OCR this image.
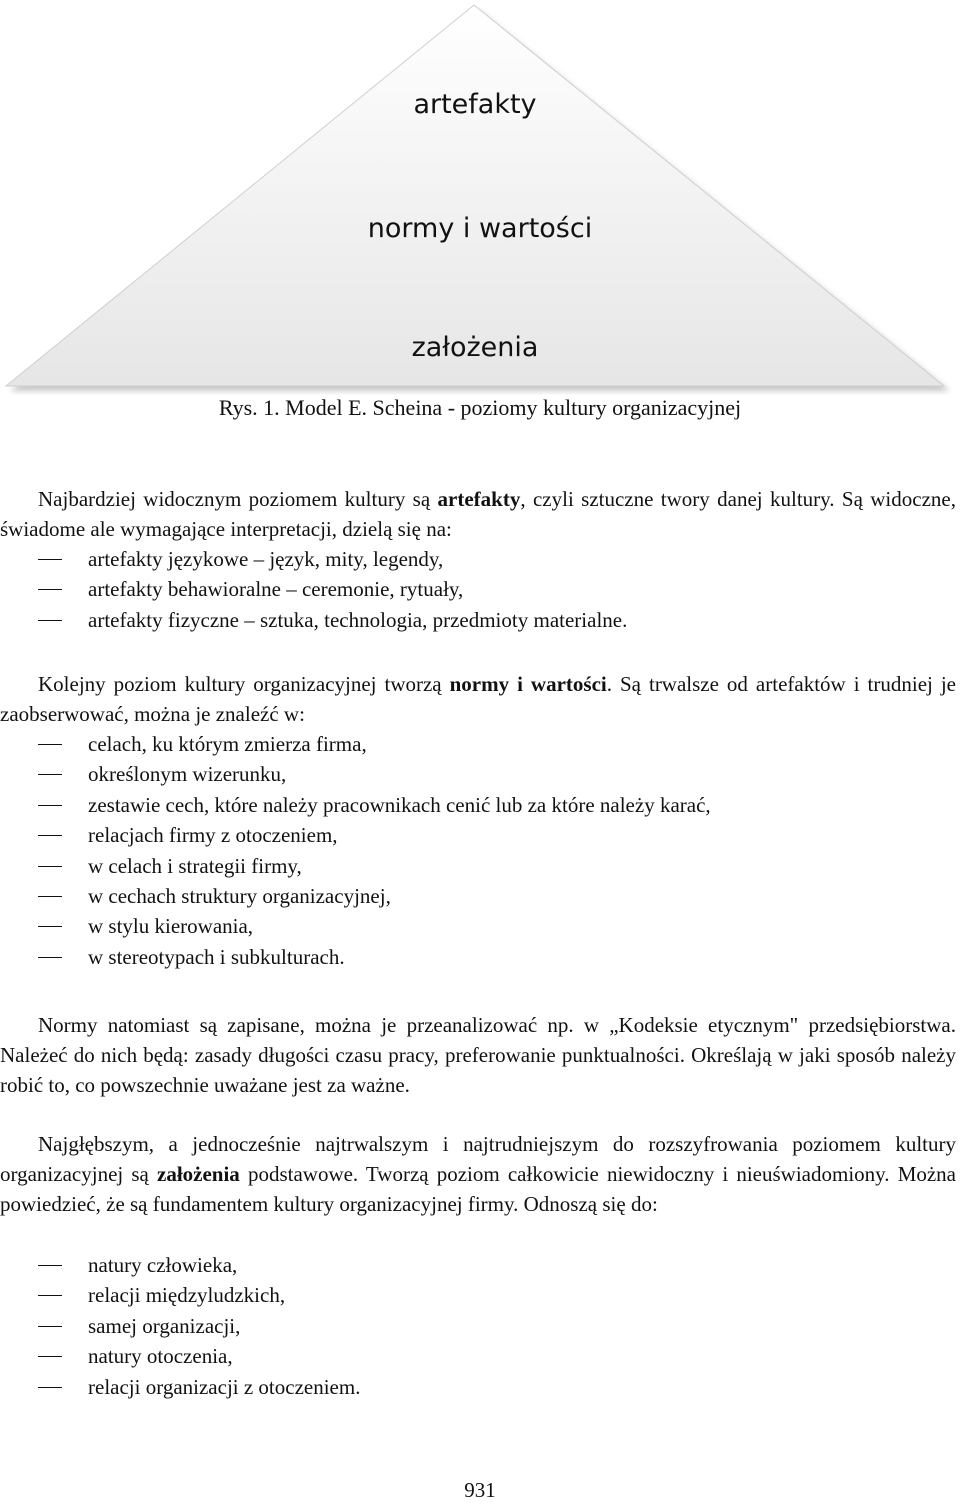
artefakty
normy i wartości
założenia
Rys. 1. Model E. Scheina - poziomy kultury organizacyjnej
Najbardziej widocznym poziomem kultury są artefakty, czyli sztuczne twory danej kultury. Są widoczne, świadome ale wymagające interpretacji, dzielą się na:
artefakty językowe – język, mity, legendy,
artefakty behawioralne – ceremonie, rytuały,
artefakty fizyczne – sztuka, technologia, przedmioty materialne.
Kolejny poziom kultury organizacyjnej tworzą normy i wartości. Są trwalsze od artefaktów i trudniej je zaobserwować, można je znaleźć w:
celach, ku którym zmierza firma,
określonym wizerunku,
zestawie cech, które należy pracownikach cenić lub za które należy karać,
relacjach firmy z otoczeniem,
w celach i strategii firmy,
w cechach struktury organizacyjnej,
w stylu kierowania,
w stereotypach i subkulturach.
Normy natomiast są zapisane, można je przeanalizować np. w „Kodeksie etycznym" przedsiębiorstwa. Należeć do nich będą: zasady długości czasu pracy, preferowanie punktualności. Określają w jaki sposób należy robić to, co powszechnie uważane jest za ważne.
Najgłębszym, a jednocześnie najtrwalszym i najtrudniejszym do rozszyfrowania poziomem kultury organizacyjnej są założenia podstawowe. Tworzą poziom całkowicie niewidoczny i nieuświadomiony. Można powiedzieć, że są fundamentem kultury organizacyjnej firmy. Odnoszą się do:
natury człowieka,
relacji międzyludzkich,
samej organizacji,
natury otoczenia,
relacji organizacji z otoczeniem.
931
